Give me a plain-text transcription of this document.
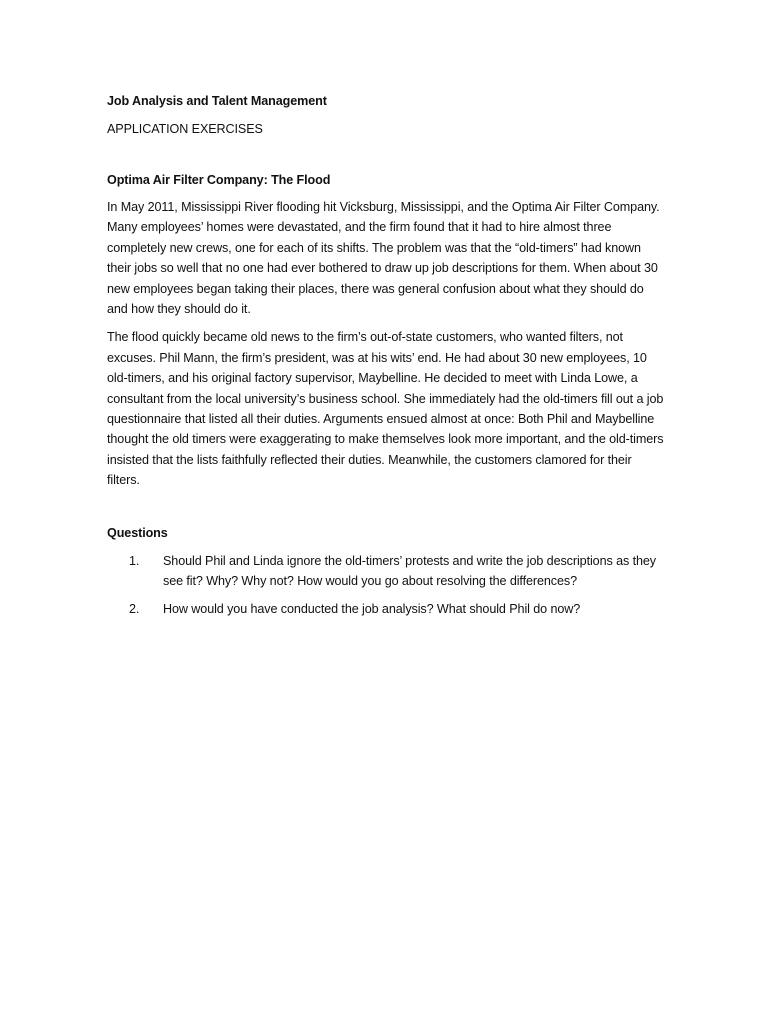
Job Analysis and Talent Management
APPLICATION EXERCISES
Optima Air Filter Company: The Flood

In May 2011, Mississippi River flooding hit Vicksburg, Mississippi, and the Optima Air Filter Company. Many employees’ homes were devastated, and the firm found that it had to hire almost three completely new crews, one for each of its shifts. The problem was that the “old-timers” had known their jobs so well that no one had ever bothered to draw up job descriptions for them. When about 30 new employees began taking their places, there was general confusion about what they should do and how they should do it.

The flood quickly became old news to the firm’s out-of-state customers, who wanted filters, not excuses. Phil Mann, the firm’s president, was at his wits’ end. He had about 30 new employees, 10 old-timers, and his original factory supervisor, Maybelline. He decided to meet with Linda Lowe, a consultant from the local university’s business school. She immediately had the old-timers fill out a job questionnaire that listed all their duties. Arguments ensued almost at once: Both Phil and Maybelline thought the old timers were exaggerating to make themselves look more important, and the old-timers insisted that the lists faithfully reflected their duties. Meanwhile, the customers clamored for their filters.

Questions
1. Should Phil and Linda ignore the old-timers’ protests and write the job descriptions as they see fit? Why? Why not? How would you go about resolving the differences?
2. How would you have conducted the job analysis? What should Phil do now?
